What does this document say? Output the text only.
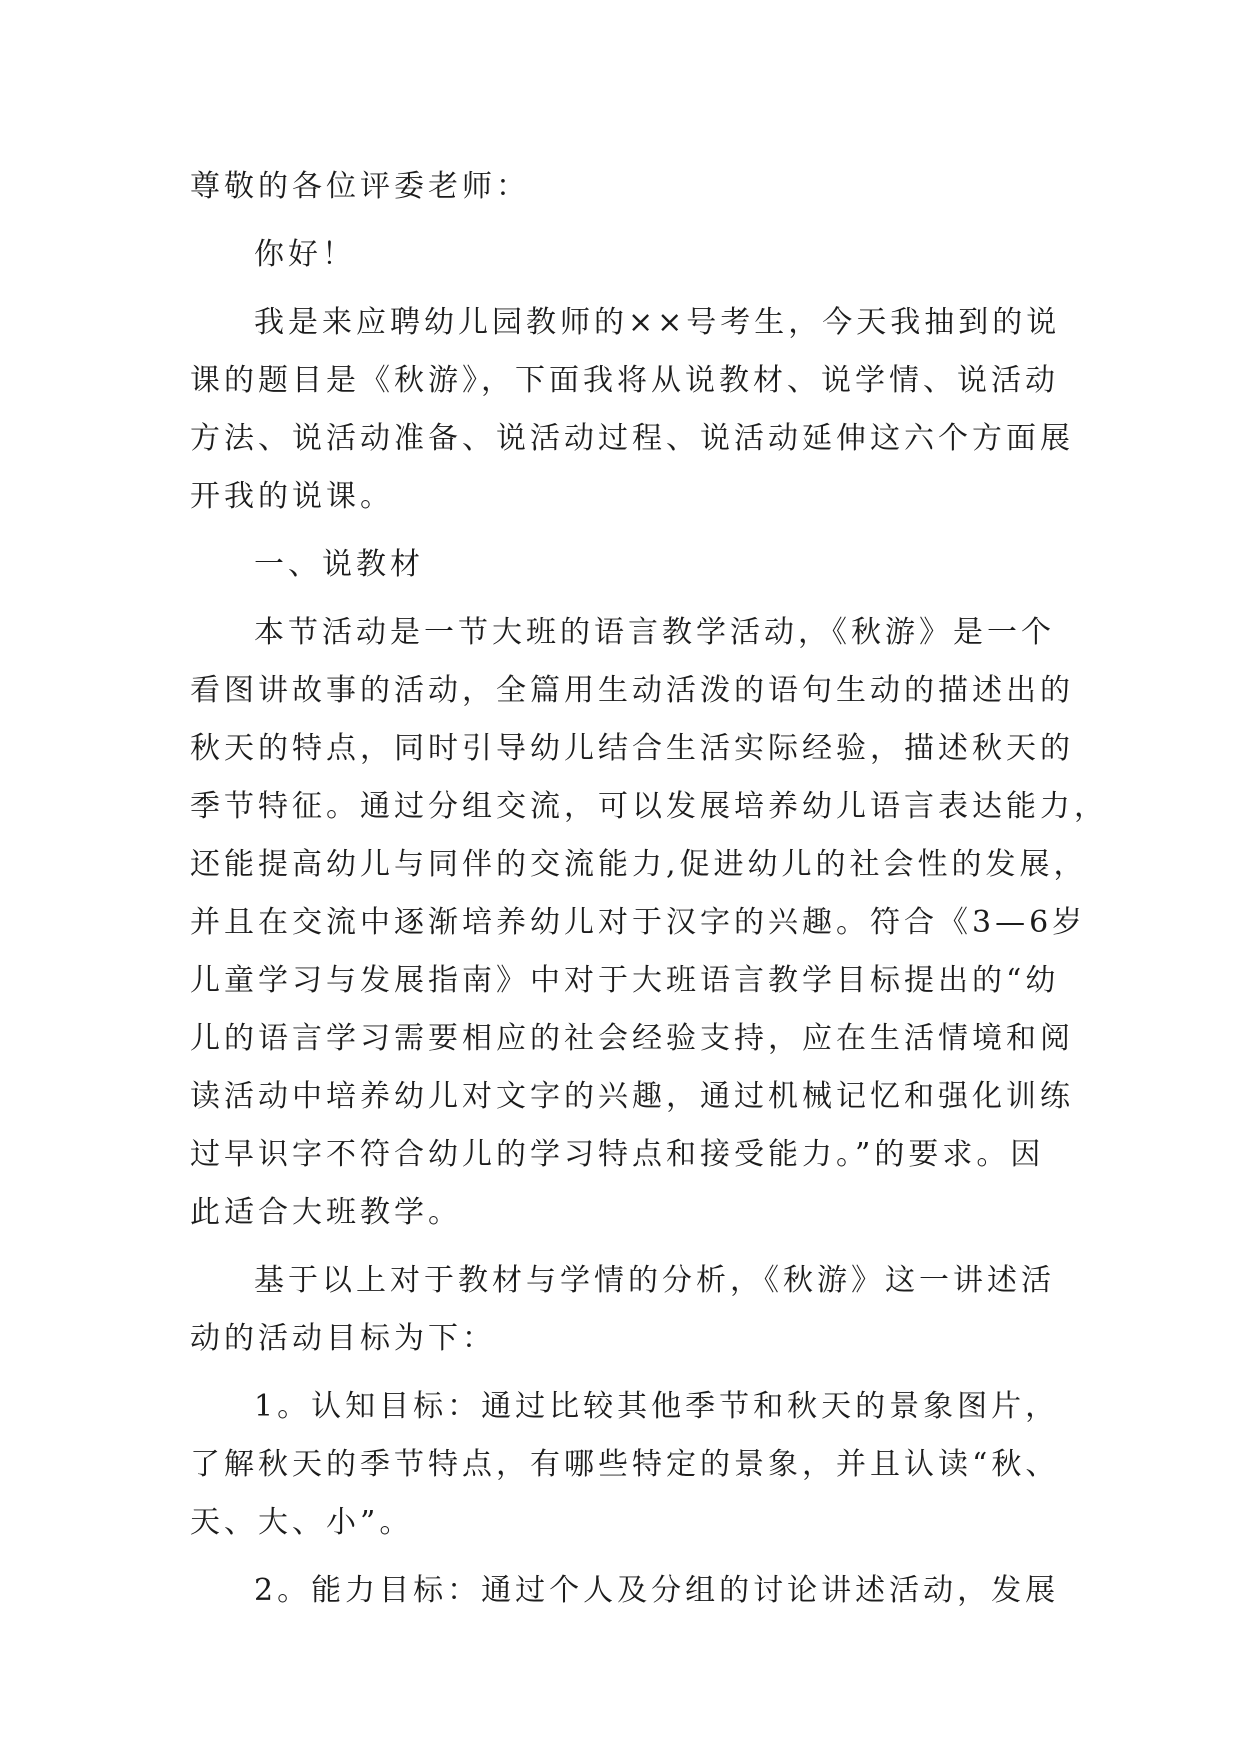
尊敬的各位评委老师：
你好！
我是来应聘幼儿园教师的××号考生，今天我抽到的说
课的题目是《秋游》，下面我将从说教材、说学情、说活动
方法、说活动准备、说活动过程、说活动延伸这六个方面展
开我的说课。
一、说教材
本节活动是一节大班的语言教学活动，《秋游》是一个
看图讲故事的活动，全篇用生动活泼的语句生动的描述出的
秋天的特点，同时引导幼儿结合生活实际经验，描述秋天的
季节特征。通过分组交流，可以发展培养幼儿语言表达能力，
还能提高幼儿与同伴的交流能力,促进幼儿的社会性的发展，
并且在交流中逐渐培养幼儿对于汉字的兴趣。符合《3—6岁
儿童学习与发展指南》中对于大班语言教学目标提出的“幼
儿的语言学习需要相应的社会经验支持，应在生活情境和阅
读活动中培养幼儿对文字的兴趣，通过机械记忆和强化训练
过早识字不符合幼儿的学习特点和接受能力。”的要求。因
此适合大班教学。
基于以上对于教材与学情的分析，《秋游》这一讲述活
动的活动目标为下：
1。认知目标：通过比较其他季节和秋天的景象图片，
了解秋天的季节特点，有哪些特定的景象，并且认读“秋、
天、大、小”。
2。能力目标：通过个人及分组的讨论讲述活动，发展
